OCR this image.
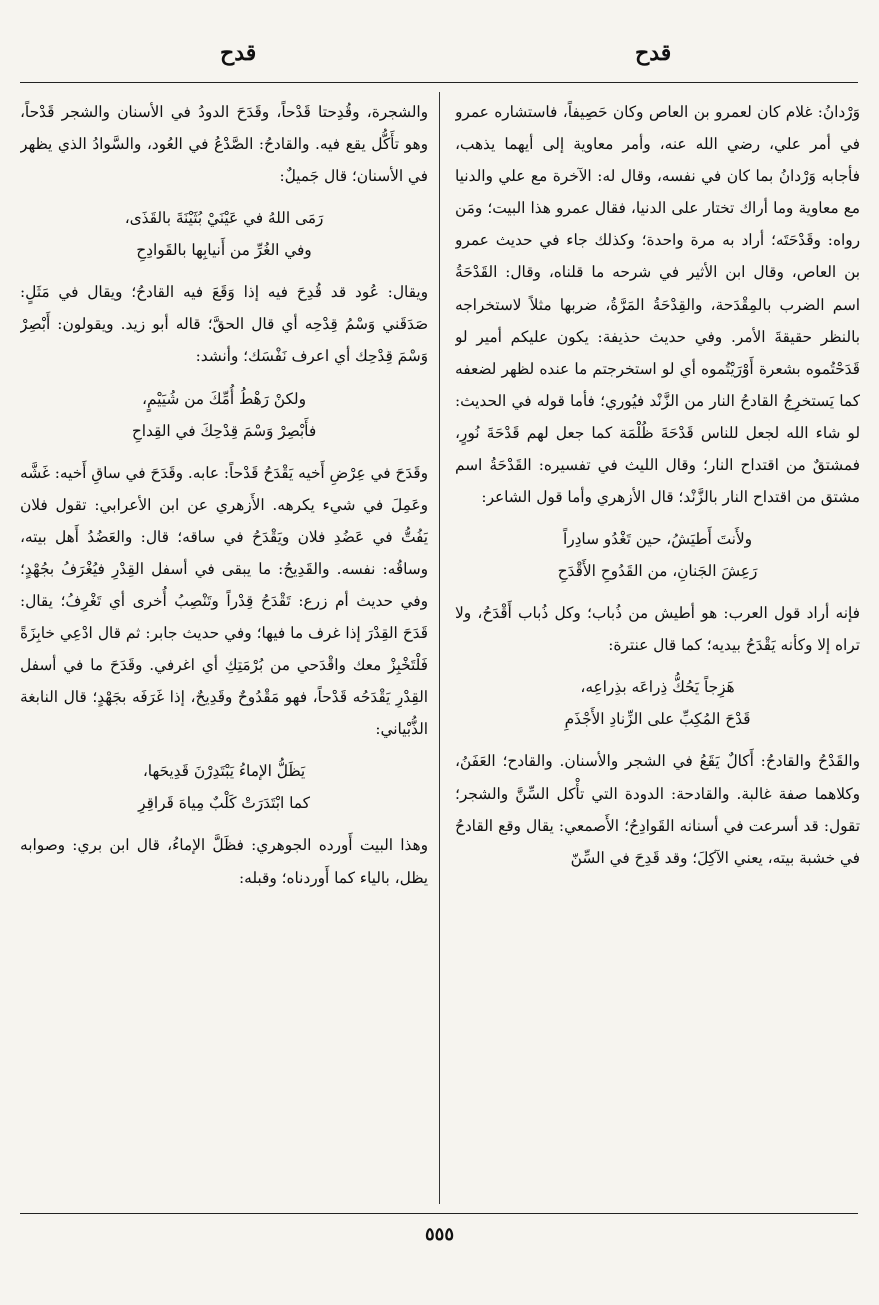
قدح
قدح

وَرْدانُ: غلام كان لعمرو بن العاص وكان حَصِيفاً، فاستشاره عمرو في أمر علي، رضي الله عنه، وأمر معاوية إلى أيهما يذهب، فأجابه وَرْدانُ بما كان في نفسه، وقال له: الآخرة مع علي والدنيا مع معاوية وما أراك تختار على الدنيا، فقال عمرو هذا البيت؛ ومَن رواه: وقَدْحَتَه؛ أراد به مرة واحدة؛ وكذلك جاء في حديث عمرو بن العاص، وقال ابن الأثير في شرحه ما قلناه، وقال: القَدْحَةُ اسم الضرب بالمِقْدَحة، والقِدْحَةُ المَرَّةُ، ضربها مثلاً لاستخراجه بالنظر حقيقةَ الأمر. وفي حديث حذيفة: يكون عليكم أمير لو قَدَحْتُموه بشعرة أَوْرَيْتُموه أي لو استخرجتم ما عنده لظهر لضعفه كما يَستخرِجُ القادحُ النار من الزَّنْد فيُوري؛ فأما قوله في الحديث: لو شاء الله لجعل للناس قَدْحَةَ ظُلْمَة كما جعل لهم قَدْحَةَ نُورٍ، فمشتقٌ من اقتداح النار؛ وقال الليث في تفسيره: القَدْحَةُ اسم مشتق من اقتداح النار بالزَّنْد؛ قال الأزهري وأما قول الشاعر:

ولأَنتَ أَطيَشُ، حين تَغْدُو سادِراً
رَعِشَ الجَنانِ، من القَدُوحِ الأَقْدَحِ

فإنه أراد قول العرب: هو أطيش من ذُباب؛ وكل ذُباب أَقْدَحُ، ولا تراه إلا وكأنه يَقْدَحُ بيديه؛ كما قال عنترة:

هَزِجاً يَحُكُّ ذِراعَه بذِراعِه،
قَدْحَ المُكِبِّ على الزِّنادِ الأَجْذَمِ

والقَدْحُ والقادحُ: أَكالٌ يَقَعُ في الشجر والأسنان. والقادح؛ العَفَنُ، وكلاهما صفة غالبة. والقادحة: الدودة التي تأْكل السِّنَّ والشجر؛ تقول: قد أسرعت في أسنانه القَوادِحُ؛ الأَصمعي: يقال وقع القادحُ في خشبة بيته، يعني الآكِلَ؛ وقد قَدِحَ في السِّنّ

والشجرة، وقُدِحتا قَدْحاً، وقَدَحَ الدودُ في الأسنان والشجر قَدْحاً، وهو تأَكُّل يقع فيه. والقادحُ: الصَّدْعُ في العُود، والسَّوادُ الذي يظهر في الأسنان؛ قال جَميلٌ:

رَمَى اللهُ في عَيْنَيْ بُثَيْنَةَ بالقَذَى،
وفي الغُرِّ من أَنيابِها بالقَوادِحِ

ويقال: عُود قد قُدِحَ فيه إذا وَقَعَ فيه القادحُ؛ ويقال في مَثَلٍ: صَدَقَني وَسْمُ قِدْحِه أي قال الحقَّ؛ قاله أبو زيد. ويقولون: أَبْصِرْ وَسْمَ قِدْحِك أي اعرف نَفْسَك؛ وأنشد:

ولكنْ رَهْطُ أُمِّكَ من شُيَيْمٍ،
فأَبْصِرْ وَسْمَ قِدْحِكَ في القِداحِ

وقَدَحَ في عِرْضِ أَخيه يَقْدَحُ قَدْحاً: عابه. وقَدَحَ في ساقِ أَخيه: غَشَّه وعَمِلَ في شيء يكرهه. الأَزهري عن ابن الأعرابي: تقول فلان يَفُتُّ في عَضُدِ فلان ويَقْدَحُ في ساقه؛ قال: والعَضُدُ أَهل بيته، وساقُه: نفسه. والقَدِيحُ: ما يبقى في أسفل القِدْرِ فيُغْرَفُ بجُهْدٍ؛ وفي حديث أم زرع: تَقْدَحُ قِدْراً وتَنْصِبُ أُخرى أي تَغْرِفُ؛ يقال: قَدَحَ القِدْرَ إذا غرف ما فيها؛ وفي حديث جابر: ثم قال ادْعِي خابِزَةً فَلْتَخْبِزْ معك واقْدَحي من بُرْمَتِكِ أي اغرفي. وقَدَحَ ما في أسفل القِدْرِ يَقْدَحُه قَدْحاً، فهو مَقْدُوحٌ وقَدِيحٌ، إذا غَرَفَه بجَهْدٍ؛ قال النابغة الذُّبْياني:

يَظَلُّ الإماءُ يَبْتَدِرْنَ قَدِيحَها،
كما ابْتَدَرَتْ كَلْبٌ مِياهَ قَراقِرِ

وهذا البيت أَورده الجوهري: فظَلَّ الإماءُ، قال ابن بري: وصوابه يظل، بالياء كما أَوردناه؛ وقبله:

٥٥٥
